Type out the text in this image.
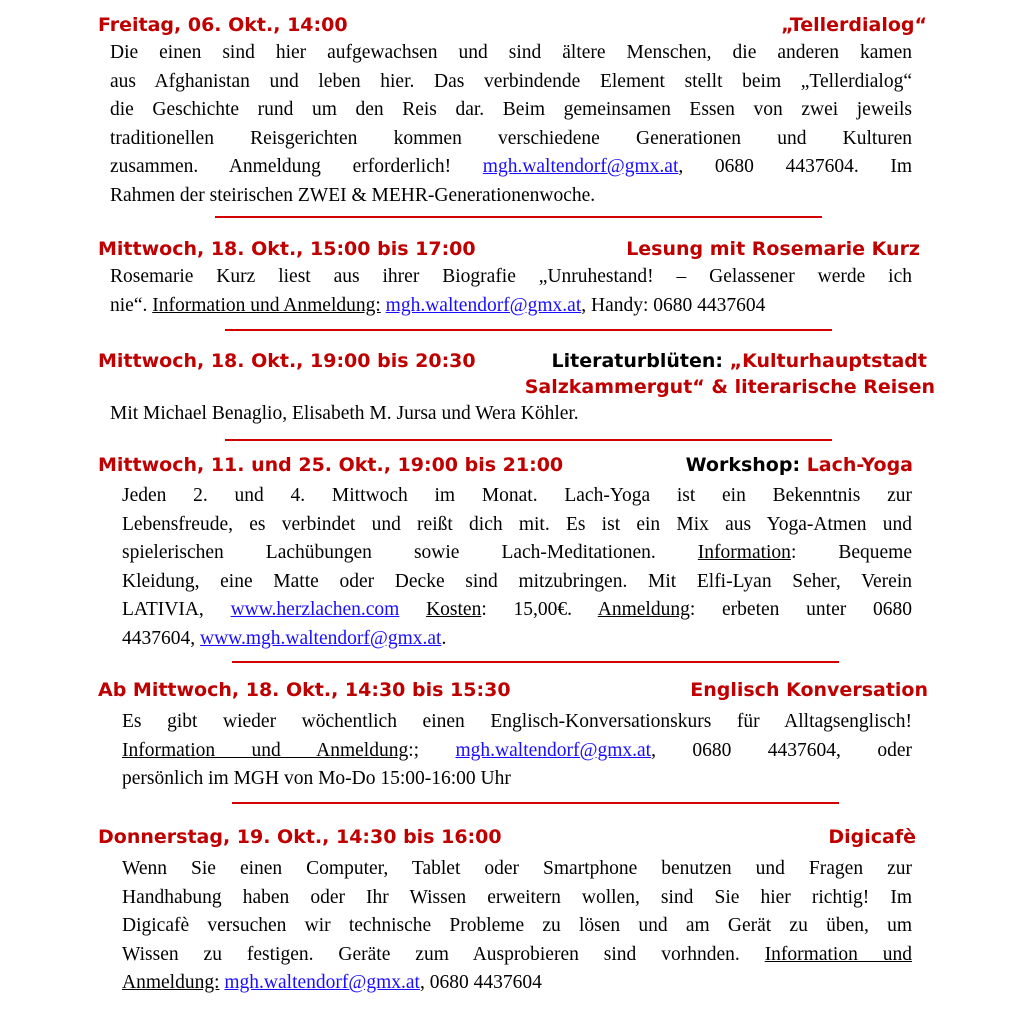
Freitag, 06. Okt., 14:00	„Tellerdialog“
Die einen sind hier aufgewachsen und sind ältere Menschen, die anderen kamen
aus Afghanistan und leben hier. Das verbindende Element stellt beim „Tellerdialog“
die Geschichte rund um den Reis dar. Beim gemeinsamen Essen von zwei jeweils
traditionellen Reisgerichten kommen verschiedene Generationen und Kulturen
zusammen. Anmeldung erforderlich! mgh.waltendorf@gmx.at, 0680 4437604. Im
Rahmen der steirischen ZWEI & MEHR-Generationenwoche.
Mittwoch, 18. Okt., 15:00 bis 17:00	Lesung mit Rosemarie Kurz
Rosemarie Kurz liest aus ihrer Biografie „Unruhestand! – Gelassener werde ich
nie“. Information und Anmeldung: mgh.waltendorf@gmx.at, Handy: 0680 4437604
Mittwoch, 18. Okt., 19:00 bis 20:30	Literaturblüten: „Kulturhauptstadt
Salzkammergut“ & literarische Reisen
Mit Michael Benaglio, Elisabeth M. Jursa und Wera Köhler.
Mittwoch, 11. und 25. Okt., 19:00 bis 21:00	Workshop: Lach-Yoga
Jeden 2. und 4. Mittwoch im Monat. Lach-Yoga ist ein Bekenntnis zur
Lebensfreude, es verbindet und reißt dich mit. Es ist ein Mix aus Yoga-Atmen und
spielerischen Lachübungen sowie Lach-Meditationen. Information: Bequeme
Kleidung, eine Matte oder Decke sind mitzubringen. Mit Elfi-Lyan Seher, Verein
LATIVIA, www.herzlachen.com Kosten: 15,00€. Anmeldung: erbeten unter 0680
4437604, www.mgh.waltendorf@gmx.at.
Ab Mittwoch, 18. Okt., 14:30 bis 15:30	Englisch Konversation
Es gibt wieder wöchentlich einen Englisch-Konversationskurs für Alltagsenglisch!
Information und Anmeldung:; mgh.waltendorf@gmx.at, 0680 4437604, oder
persönlich im MGH von Mo-Do 15:00-16:00 Uhr
Donnerstag, 19. Okt., 14:30 bis 16:00	Digicafè
Wenn Sie einen Computer, Tablet oder Smartphone benutzen und Fragen zur
Handhabung haben oder Ihr Wissen erweitern wollen, sind Sie hier richtig! Im
Digicafè versuchen wir technische Probleme zu lösen und am Gerät zu üben, um
Wissen zu festigen. Geräte zum Ausprobieren sind vorhnden. Information und
Anmeldung: mgh.waltendorf@gmx.at, 0680 4437604
